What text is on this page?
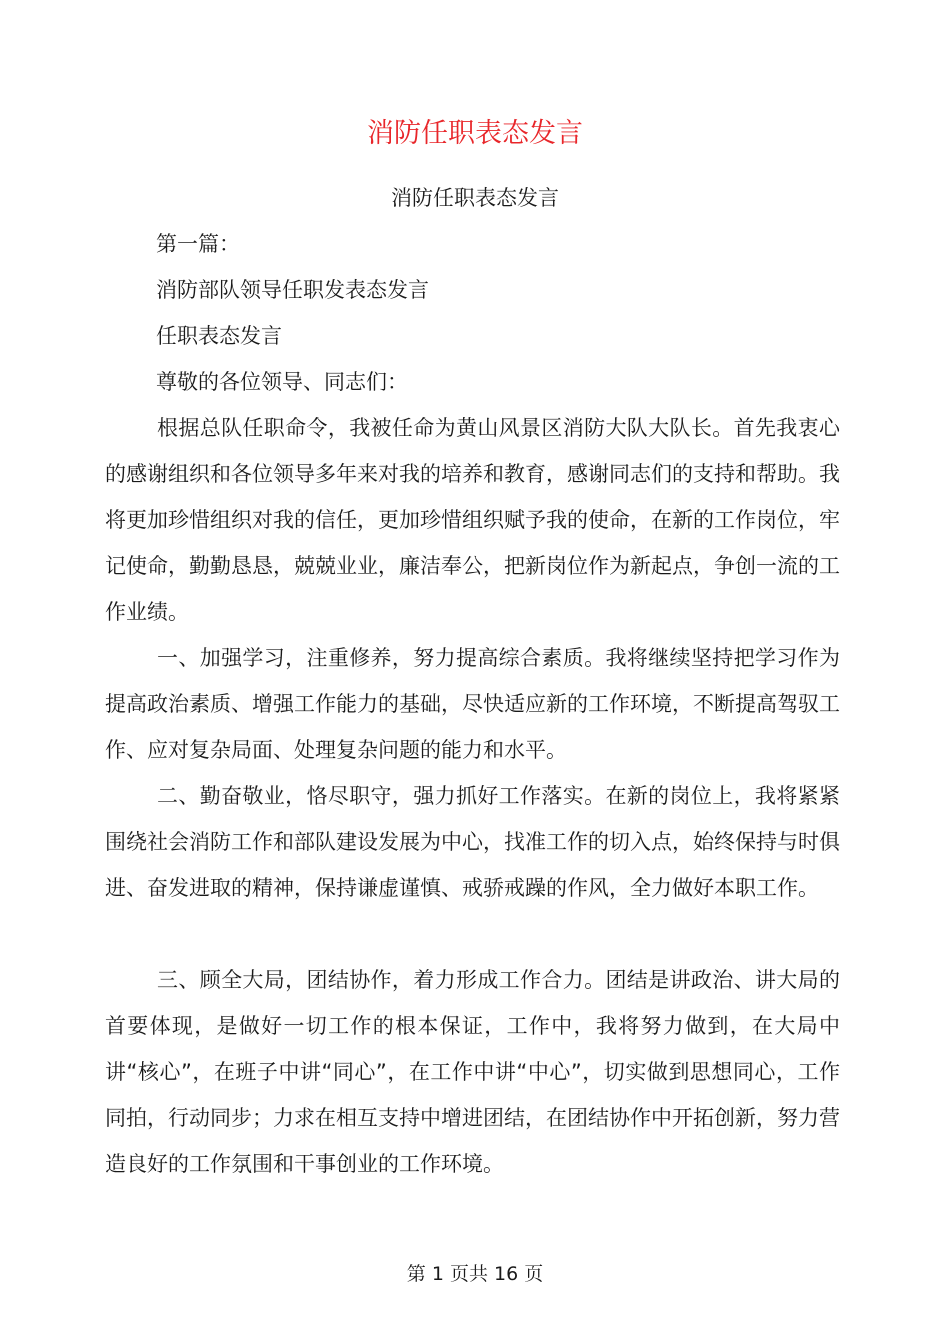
消防任职表态发言
消防任职表态发言
第一篇：
消防部队领导任职发表态发言
任职表态发言
尊敬的各位领导、同志们：

根据总队任职命令，我被任命为黄山风景区消防大队大队长。首先我衷心的感谢组织和各位领导多年来对我的培养和教育，感谢同志们的支持和帮助。我将更加珍惜组织对我的信任，更加珍惜组织赋予我的使命，在新的工作岗位，牢记使命，勤勤恳恳，兢兢业业，廉洁奉公，把新岗位作为新起点，争创一流的工作业绩。

一、加强学习，注重修养，努力提高综合素质。我将继续坚持把学习作为提高政治素质、增强工作能力的基础，尽快适应新的工作环境，不断提高驾驭工作、应对复杂局面、处理复杂问题的能力和水平。

二、勤奋敬业，恪尽职守，强力抓好工作落实。在新的岗位上，我将紧紧围绕社会消防工作和部队建设发展为中心，找准工作的切入点，始终保持与时俱进、奋发进取的精神，保持谦虚谨慎、戒骄戒躁的作风，全力做好本职工作。

三、顾全大局，团结协作，着力形成工作合力。团结是讲政治、讲大局的首要体现，是做好一切工作的根本保证，工作中，我将努力做到，在大局中讲“核心”，在班子中讲“同心”，在工作中讲“中心”，切实做到思想同心，工作同拍，行动同步；力求在相互支持中增进团结，在团结协作中开拓创新，努力营造良好的工作氛围和干事创业的工作环境。

第 1 页共 16 页
